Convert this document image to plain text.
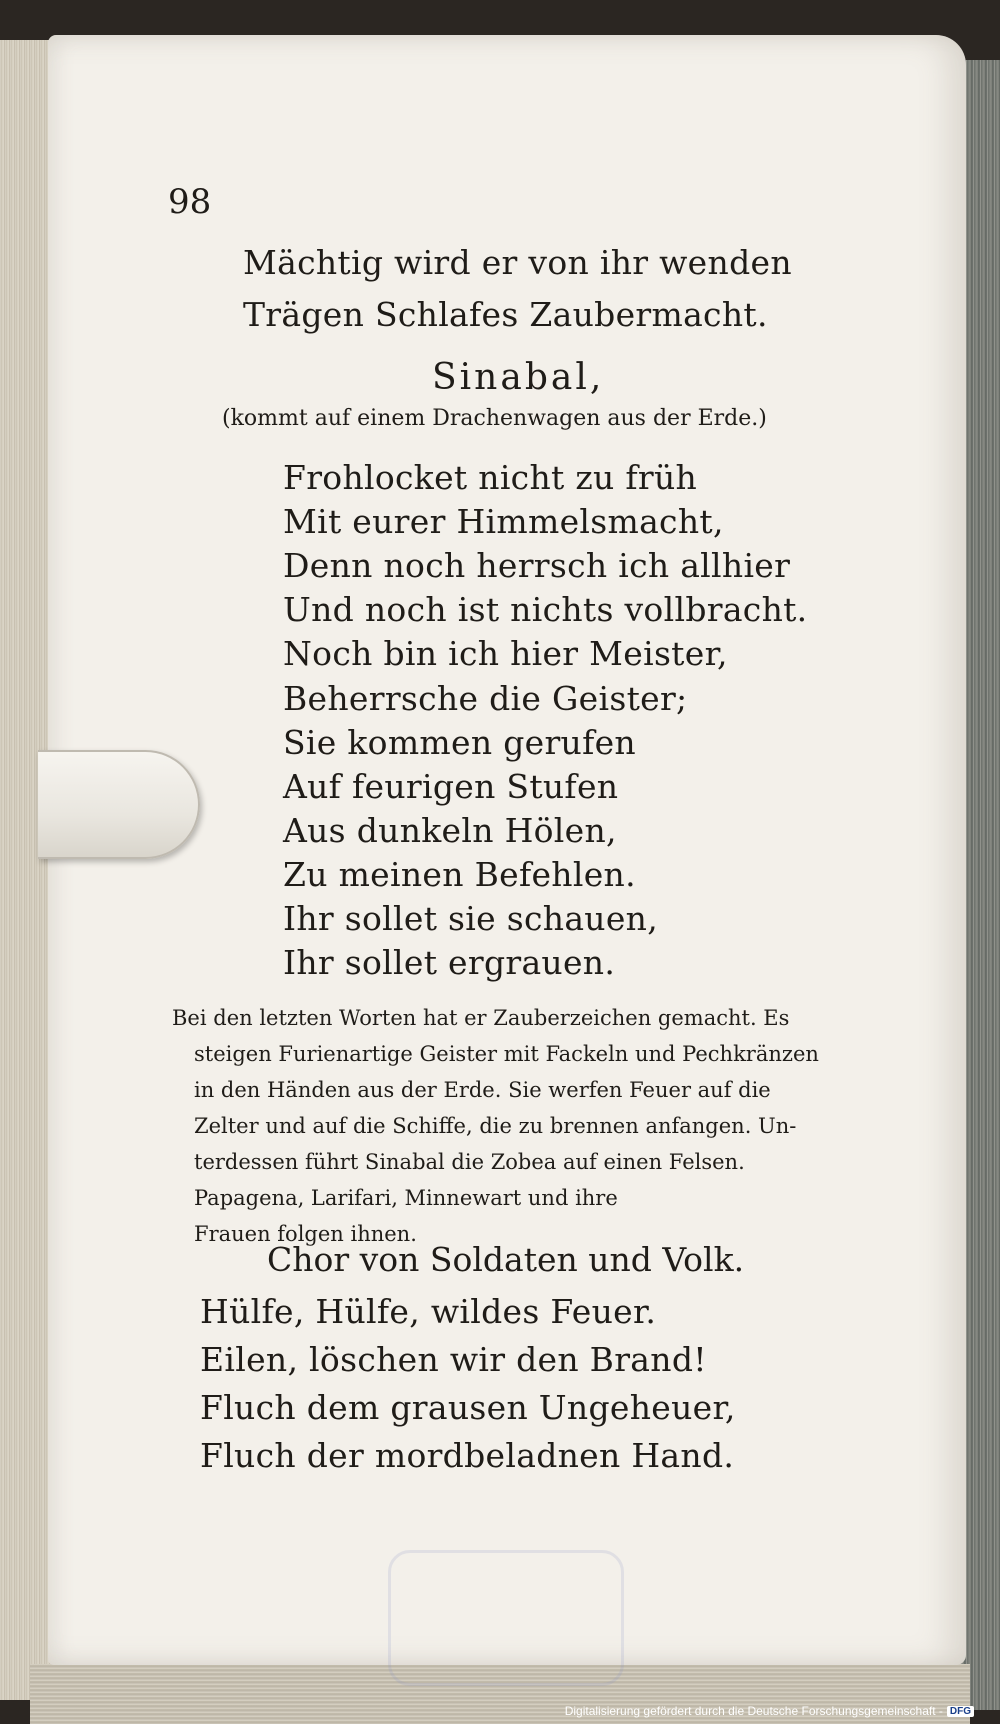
98
Mächtig wird er von ihr wenden
Trägen Schlafes Zaubermacht.
Sinabal,
(kommt auf einem Drachenwagen aus der Erde.)
Frohlocket nicht zu früh
Mit eurer Himmelsmacht,
Denn noch herrsch ich allhier
Und noch ist nichts vollbracht.
Noch bin ich hier Meister,
Beherrsche die Geister;
Sie kommen gerufen
Auf feurigen Stufen
Aus dunkeln Hölen,
Zu meinen Befehlen.
Ihr sollet sie schauen,
Ihr sollet ergrauen.
Bei den letzten Worten hat er Zauberzeichen gemacht. Es
steigen Furienartige Geister mit Fackeln und Pechkränzen
in den Händen aus der Erde. Sie werfen Feuer auf die
Zelter und auf die Schiffe, die zu brennen anfangen. Un-
terdessen führt Sinabal die Zobea auf einen Felsen.
Papagena, Larifari, Minnewart und ihre
Frauen folgen ihnen.
Chor von Soldaten und Volk.
Hülfe, Hülfe, wildes Feuer.
Eilen, löschen wir den Brand!
Fluch dem grausen Ungeheuer,
Fluch der mordbeladnen Hand.
Digitalisierung gefördert durch die Deutsche Forschungsgemeinschaft - DFG
